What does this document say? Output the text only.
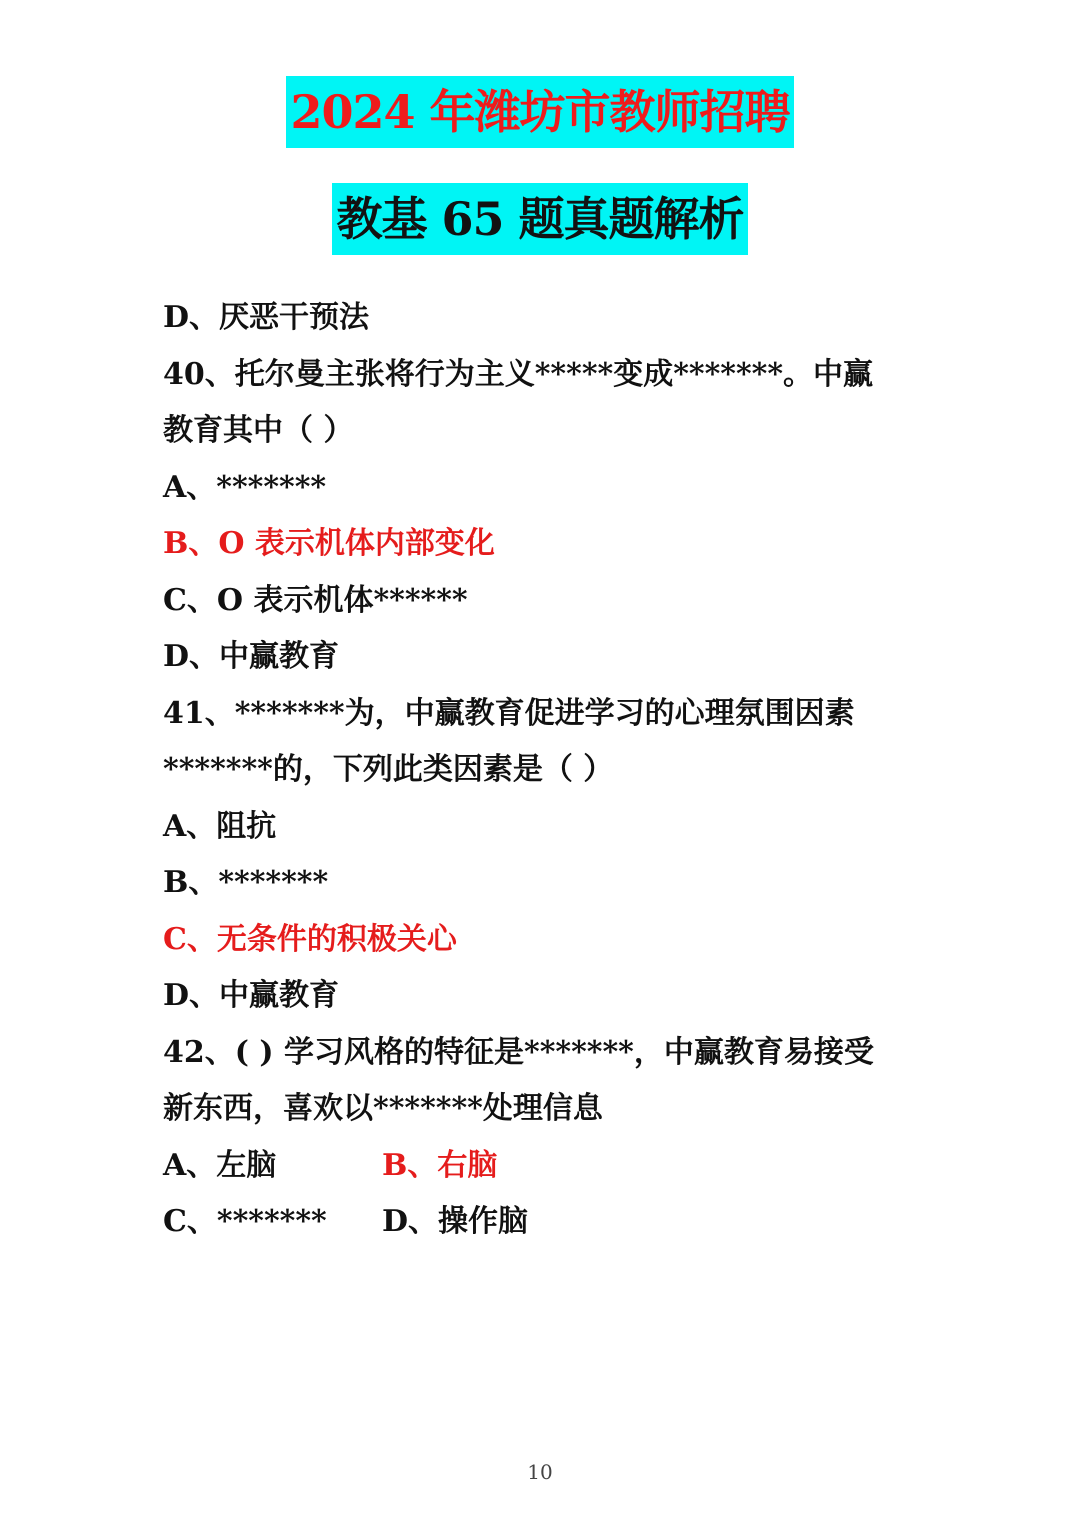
2024 年潍坊市教师招聘
教基 65 题真题解析
D、厌恶干预法
40、托尔曼主张将行为主义*****变成*******。中赢
教育其中（ ）
A、*******
B、O 表示机体内部变化
C、O 表示机体******
D、中赢教育
41、*******为，中赢教育促进学习的心理氛围因素
*******的，下列此类因素是（ ）
A、阻抗
B、*******
C、无条件的积极关心
D、中赢教育
42、( ) 学习风格的特征是*******，中赢教育易接受
新东西，喜欢以*******处理信息
A、左脑	B、右脑
C、*******	D、操作脑
10
